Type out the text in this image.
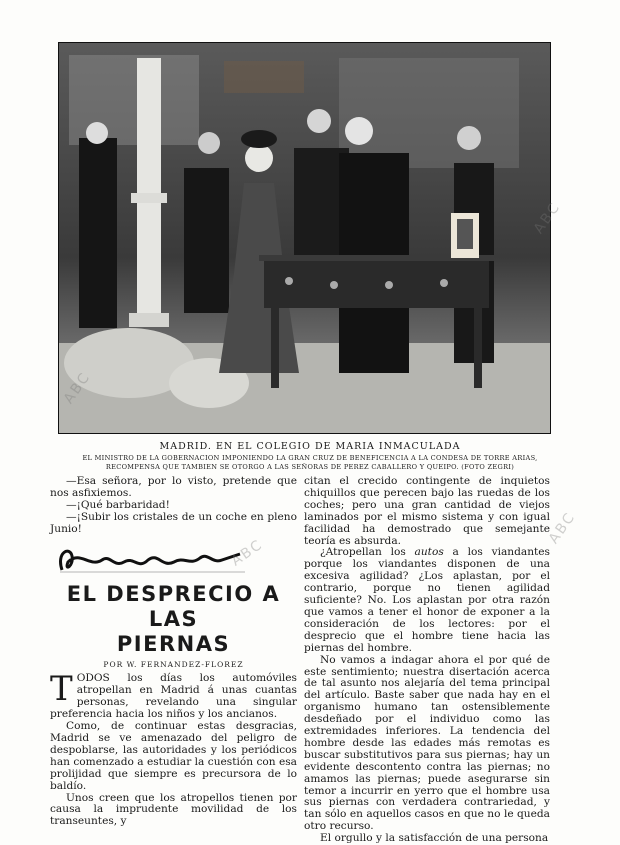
MADRID. EN EL COLEGIO DE MARIA INMACULADA
EL MINISTRO DE LA GOBERNACION IMPONIENDO LA GRAN CRUZ DE BENEFICENCIA A LA CONDESA DE TORRE ARIAS,
RECOMPENSA QUE TAMBIEN SE OTORGO A LAS SEÑORAS DE PEREZ CABALLERO Y QUEIPO. (FOTO ZEGRI)

—Esa señora, por lo visto, pretende que nos asfixiemos.

—¡Qué barbaridad!

—¡Subir los cristales de un coche en pleno Junio!

EL DESPRECIO A LAS
PIERNAS
POR W. FERNANDEZ-FLOREZ

TODOS los días los automóviles atropellan en Madrid á unas cuantas personas, revelando una singular preferencia hacia los niños y los ancianos.

Como, de continuar estas desgracias, Madrid se ve amenazado del peligro de despoblarse, las autoridades y los periódicos han comenzado a estudiar la cuestión con esa prolijidad que siempre es precursora de lo baldío.

Unos creen que los atropellos tienen por causa la imprudente movilidad de los transeuntes, y

citan el crecido contingente de inquietos chiquillos que perecen bajo las ruedas de los coches; pero una gran cantidad de viejos laminados por el mismo sistema y con igual facilidad ha demostrado que semejante teoría es absurda.

¿Atropellan los autos a los viandantes porque los viandantes disponen de una excesiva agilidad? ¿Los aplastan, por el contrario, porque no tienen agilidad suficiente? No. Los aplastan por otra razón que vamos a tener el honor de exponer a la consideración de los lectores: por el desprecio que el hombre tiene hacia las piernas del hombre.

No vamos a indagar ahora el por qué de este sentimiento; nuestra disertación acerca de tal asunto nos alejaría del tema principal del artículo. Baste saber que nada hay en el organismo humano tan ostensiblemente desdeñado por el individuo como las extremidades inferiores. La tendencia del hombre desde las edades más remotas es buscar substitutivos para sus piernas; hay un evidente descontento contra las piernas; no amamos las piernas; puede asegurarse sin temor a incurrir en yerro que el hombre usa sus piernas con verdadera contrariedad, y tan sólo en aquellos casos en que no le queda otro recurso.

El orgullo y la satisfacción de una persona

ABC
ABC
ABC
ABC
